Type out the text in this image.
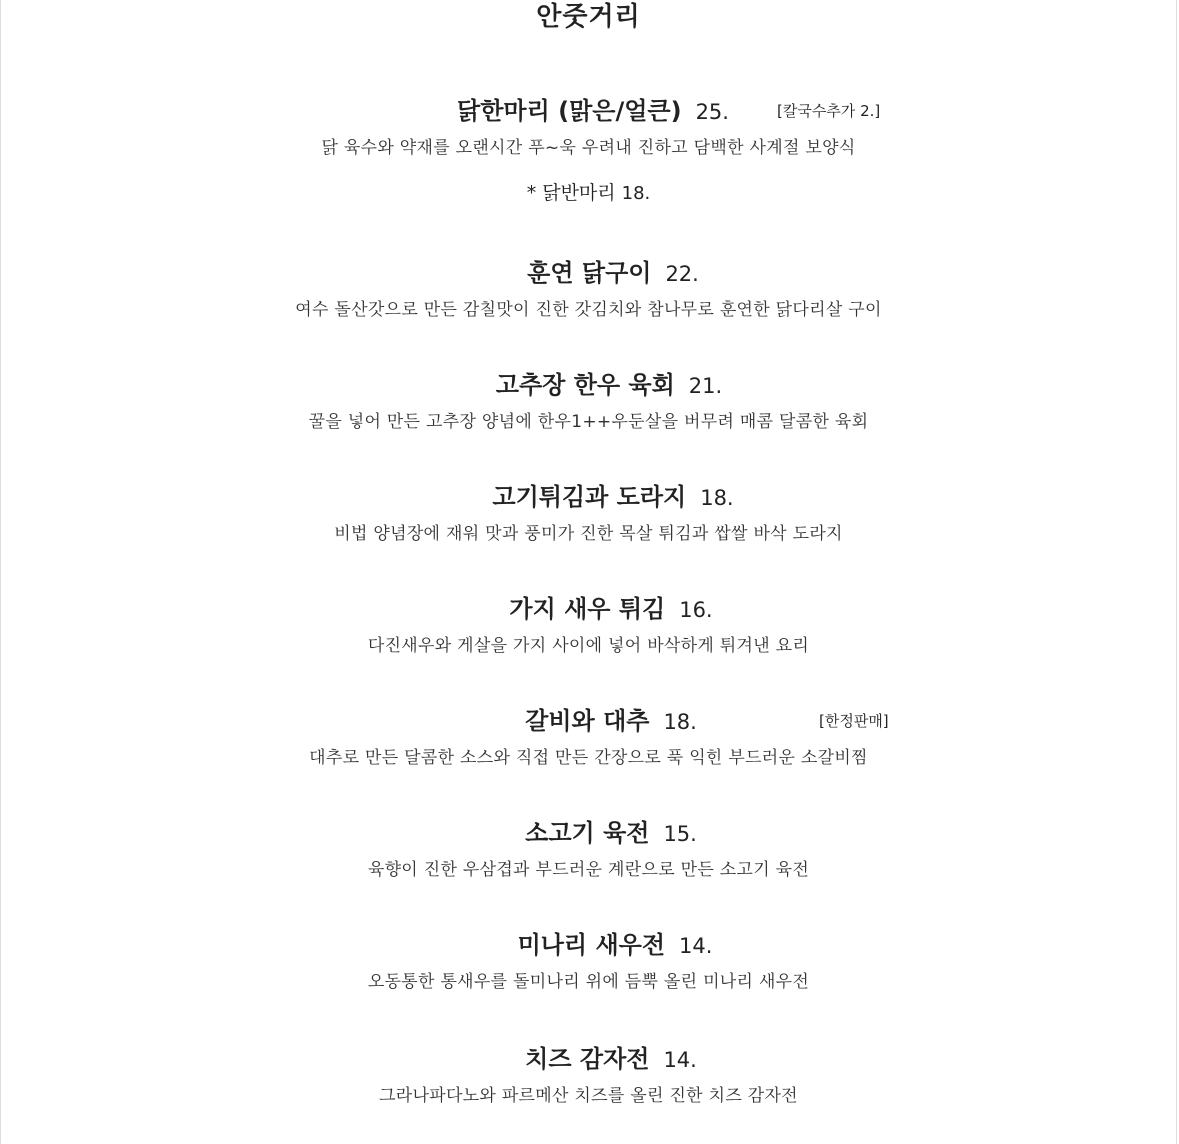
안줏거리
닭한마리 (맑은/얼큰) 25.	[칼국수추가 2.]
닭 육수와 약재를 오랜시간 푸~욱 우려내 진하고 담백한 사계절 보양식
* 닭반마리 18.
훈연 닭구이 22.
여수 돌산갓으로 만든 감칠맛이 진한 갓김치와 참나무로 훈연한 닭다리살 구이
고추장 한우 육회 21.
꿀을 넣어 만든 고추장 양념에 한우1++우둔살을 버무려 매콤 달콤한 육회
고기튀김과 도라지 18.
비법 양념장에 재워 맛과 풍미가 진한 목살 튀김과 쌉쌀 바삭 도라지
가지 새우 튀김 16.
다진새우와 게살을 가지 사이에 넣어 바삭하게 튀겨낸 요리
갈비와 대추 18.	[한정판매]
대추로 만든 달콤한 소스와 직접 만든 간장으로 푹 익힌 부드러운 소갈비찜
소고기 육전 15.
육향이 진한 우삼겹과 부드러운 계란으로 만든 소고기 육전
미나리 새우전 14.
오동통한 통새우를 돌미나리 위에 듬뿍 올린 미나리 새우전
치즈 감자전 14.
그라나파다노와 파르메산 치즈를 올린 진한 치즈 감자전
